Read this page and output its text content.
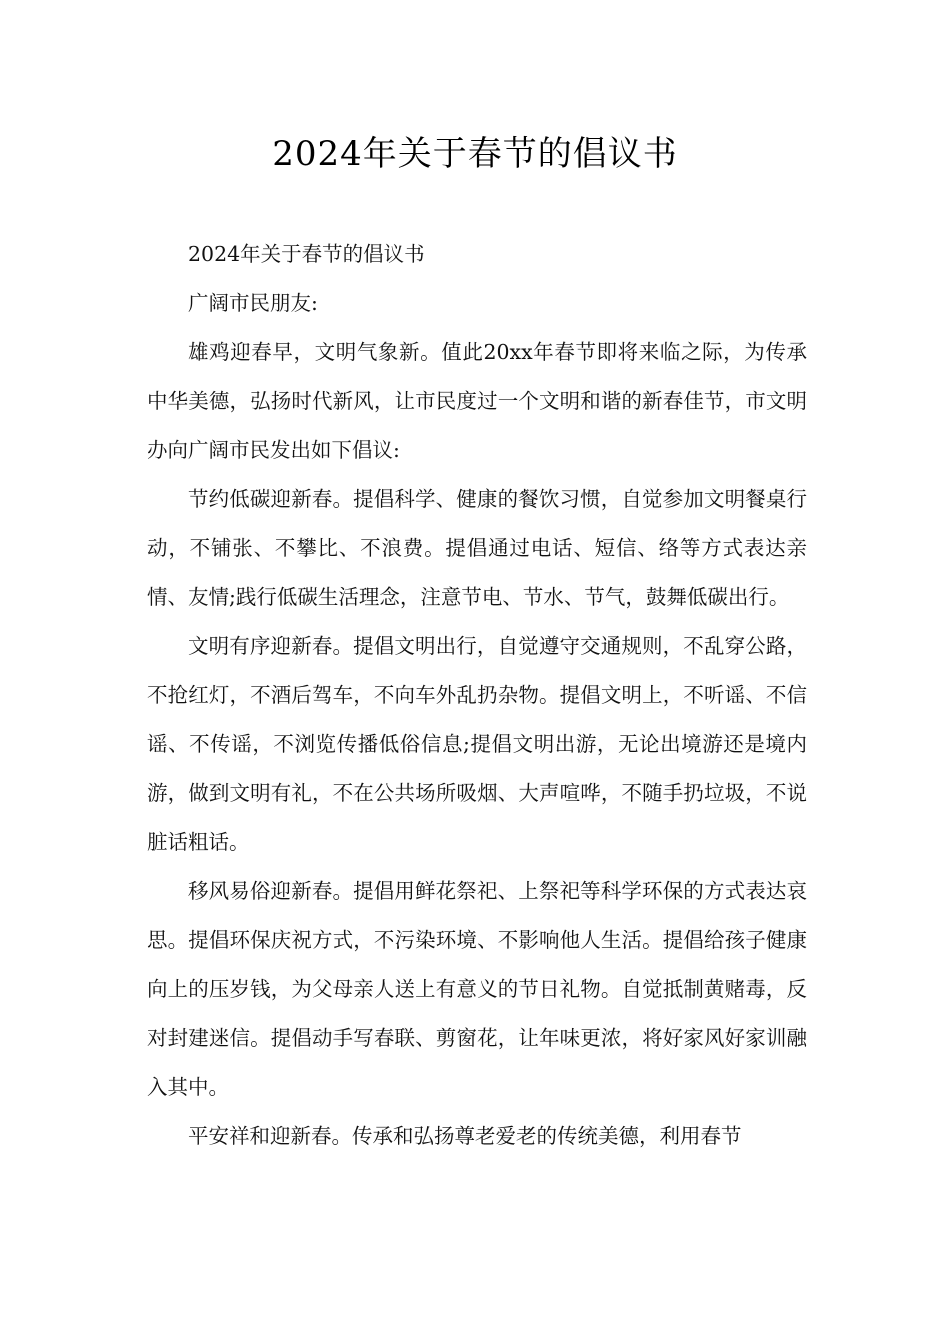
2024年关于春节的倡议书

2024年关于春节的倡议书

广阔市民朋友:

雄鸡迎春早，文明气象新。值此20xx年春节即将来临之际，为传承中华美德，弘扬时代新风，让市民度过一个文明和谐的新春佳节，市文明办向广阔市民发出如下倡议:

节约低碳迎新春。提倡科学、健康的餐饮习惯，自觉参加文明餐桌行动，不铺张、不攀比、不浪费。提倡通过电话、短信、络等方式表达亲情、友情;践行低碳生活理念，注意节电、节水、节气，鼓舞低碳出行。

文明有序迎新春。提倡文明出行，自觉遵守交通规则，不乱穿公路，不抢红灯，不酒后驾车，不向车外乱扔杂物。提倡文明上，不听谣、不信谣、不传谣，不浏览传播低俗信息;提倡文明出游，无论出境游还是境内游，做到文明有礼，不在公共场所吸烟、大声喧哗，不随手扔垃圾，不说脏话粗话。

移风易俗迎新春。提倡用鲜花祭祀、上祭祀等科学环保的方式表达哀思。提倡环保庆祝方式，不污染环境、不影响他人生活。提倡给孩子健康向上的压岁钱，为父母亲人送上有意义的节日礼物。自觉抵制黄赌毒，反对封建迷信。提倡动手写春联、剪窗花，让年味更浓，将好家风好家训融入其中。

平安祥和迎新春。传承和弘扬尊老爱老的传统美德，利用春节
